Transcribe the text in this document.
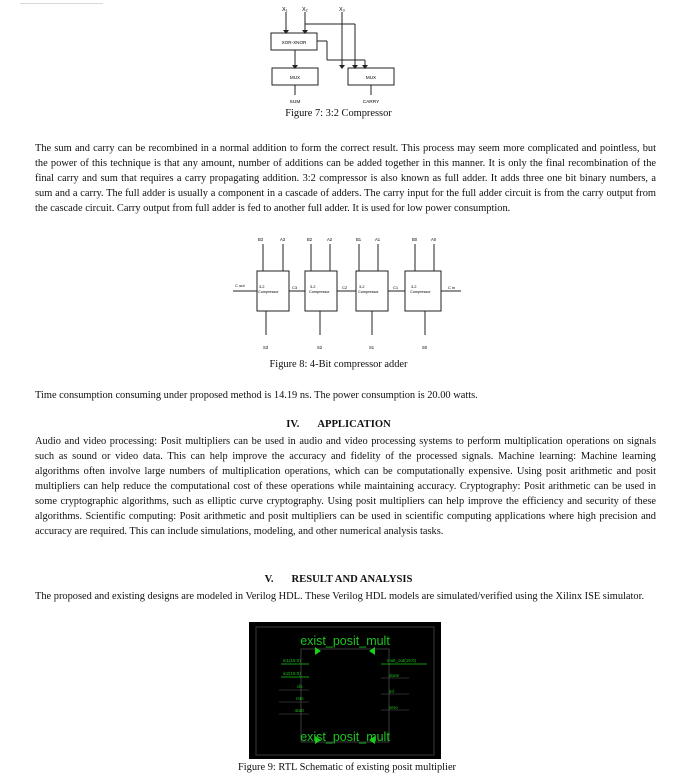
X₁	X₂	X₃
XOR-XNOR
MUX	MUX
SUM	CARRY
Figure 7: 3:2 Compressor

The sum and carry can be recombined in a normal addition to form the correct result. This process may seem more complicated and pointless, but the power of this technique is that any amount, number of additions can be added together in this manner. It is only the final recombination of the final carry and sum that requires a carry propagating addition. 3:2 compressor is also known as full adder. It adds three one bit binary numbers, a sum and a carry. The full adder is usually a component in a cascade of adders. The carry input for the full adder circuit is from the carry output from the cascade circuit. Carry output from full adder is fed to another full adder. It is used for low power consumption.

B3	A3	B2	A2	B1	A1	B0	A0
3-2
Compressor
3-2
Compressor
3-2
Compressor
3-2
Compressor
C out	C3	C2	C1	C in
S3	S2	S1	S0
Figure 8: 4-Bit compressor adder

Time consumption consuming under proposed method is 14.19 ns. The power consumption is 20.00 watts.

IV. APPLICATION

Audio and video processing: Posit multipliers can be used in audio and video processing systems to perform multiplication operations on signals such as sound or video data. This can help improve the accuracy and fidelity of the processed signals. Machine learning: Machine learning algorithms often involve large numbers of multiplication operations, which can be computationally expensive. Using posit arithmetic and posit multipliers can help reduce the computational cost of these operations while maintaining accuracy. Cryptography: Posit arithmetic can be used in some cryptographic algorithms, such as elliptic curve cryptography. Using posit multipliers can help improve the efficiency and security of these algorithms. Scientific computing: Posit arithmetic and posit multipliers can be used in scientific computing applications where high precision and accuracy are required. This can include simulations, modeling, and other numerical analysis tasks.

V. RESULT AND ANALYSIS

The proposed and existing designs are modeled in Verilog HDL. These Verilog HDL models are simulated/verified using the Xilinx ISE simulator.

exist_posit_mult
exist_posit_mult
in1(15:0)
in2(15:0)
clk
rstn
start
mult_out(15:0)
done
inf
zero
Figure 9: RTL Schematic of existing posit multiplier
